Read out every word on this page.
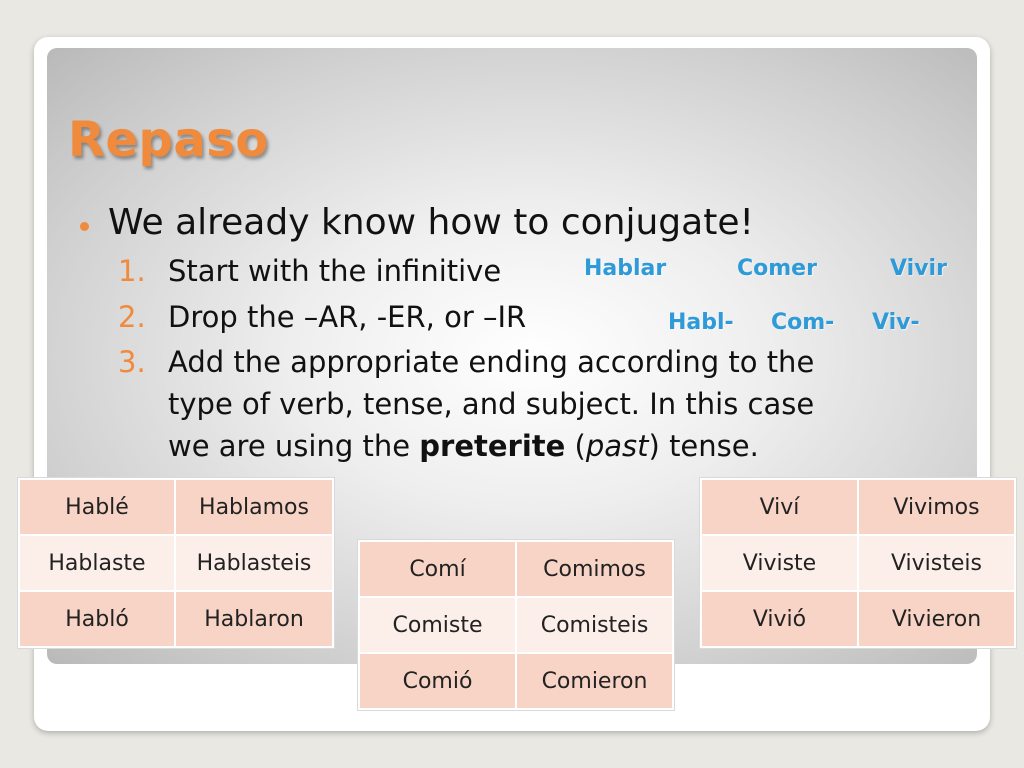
Repaso
We already know how to conjugate!
1. Start with the infinitive
2. Drop the –AR, -ER, or –IR
3. Add the appropriate ending according to the
type of verb, tense, and subject. In this case
we are using the preterite (past) tense.
Hablar	Comer	Vivir
Habl- Com- Viv-
Hablé	Hablamos
Hablaste	Hablasteis
Habló	Hablaron
Comí	Comimos
Comiste	Comisteis
Comió	Comieron
Viví	Vivimos
Viviste	Vivisteis
Vivió	Vivieron
